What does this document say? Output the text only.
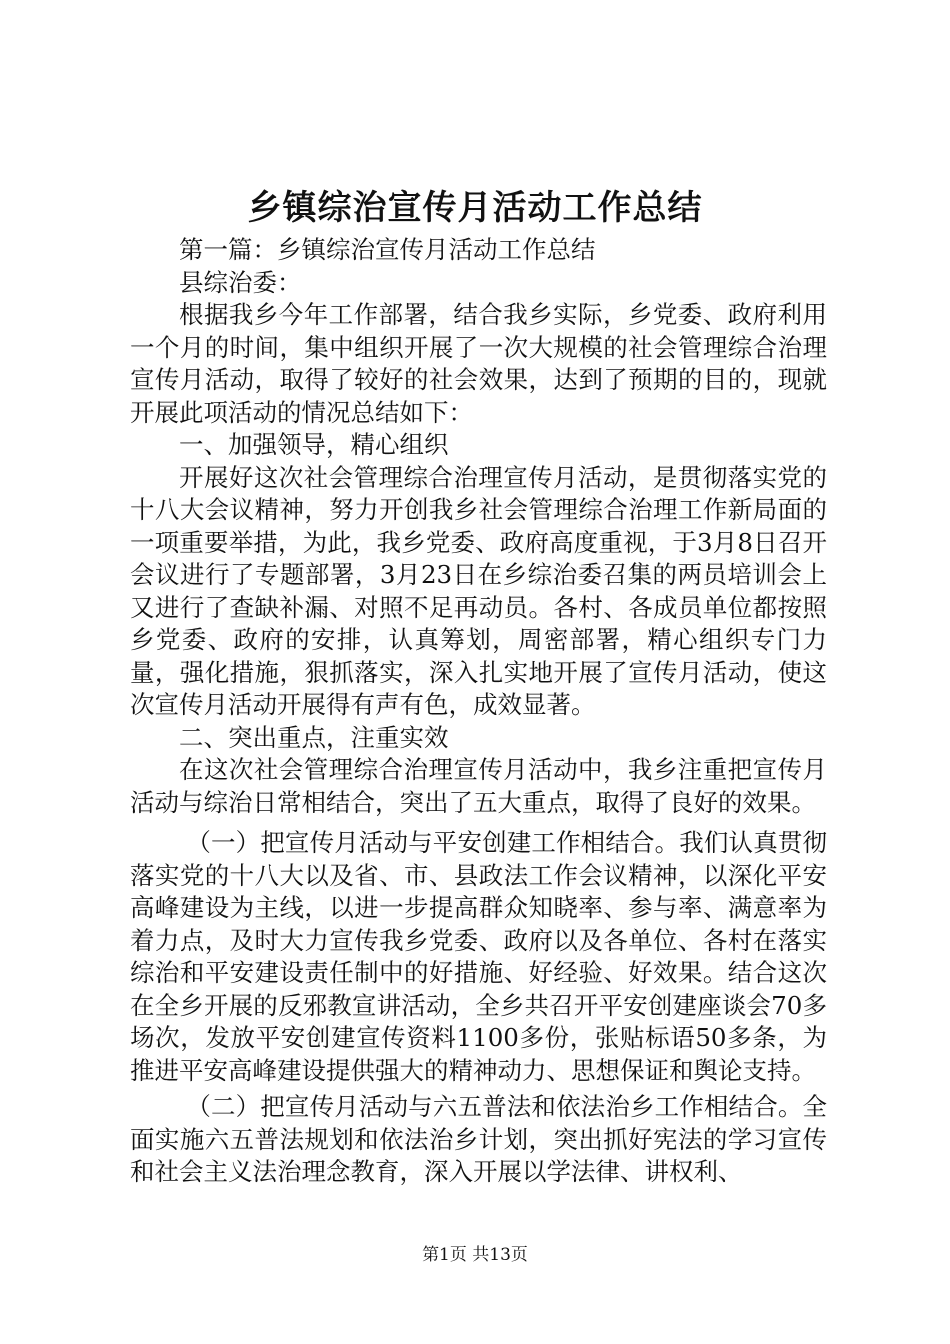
乡镇综治宣传月活动工作总结

第一篇：乡镇综治宣传月活动工作总结

县综治委：

根据我乡今年工作部署，结合我乡实际，乡党委、政府利用一个月的时间，集中组织开展了一次大规模的社会管理综合治理宣传月活动，取得了较好的社会效果，达到了预期的目的，现就开展此项活动的情况总结如下：

一、加强领导，精心组织

开展好这次社会管理综合治理宣传月活动，是贯彻落实党的十八大会议精神，努力开创我乡社会管理综合治理工作新局面的一项重要举措，为此，我乡党委、政府高度重视，于3月8日召开会议进行了专题部署，3月23日在乡综治委召集的两员培训会上又进行了查缺补漏、对照不足再动员。各村、各成员单位都按照乡党委、政府的安排，认真筹划，周密部署，精心组织专门力量，强化措施，狠抓落实，深入扎实地开展了宣传月活动，使这次宣传月活动开展得有声有色，成效显著。

二、突出重点，注重实效

在这次社会管理综合治理宣传月活动中，我乡注重把宣传月活动与综治日常相结合，突出了五大重点，取得了良好的效果。

（一）把宣传月活动与平安创建工作相结合。我们认真贯彻落实党的十八大以及省、市、县政法工作会议精神，以深化平安高峰建设为主线，以进一步提高群众知晓率、参与率、满意率为着力点，及时大力宣传我乡党委、政府以及各单位、各村在落实综治和平安建设责任制中的好措施、好经验、好效果。结合这次在全乡开展的反邪教宣讲活动，全乡共召开平安创建座谈会70多场次，发放平安创建宣传资料1100多份，张贴标语50多条，为推进平安高峰建设提供强大的精神动力、思想保证和舆论支持。

（二）把宣传月活动与六五普法和依法治乡工作相结合。全面实施六五普法规划和依法治乡计划，突出抓好宪法的学习宣传和社会主义法治理念教育，深入开展以学法律、讲权利、

第1页 共13页
